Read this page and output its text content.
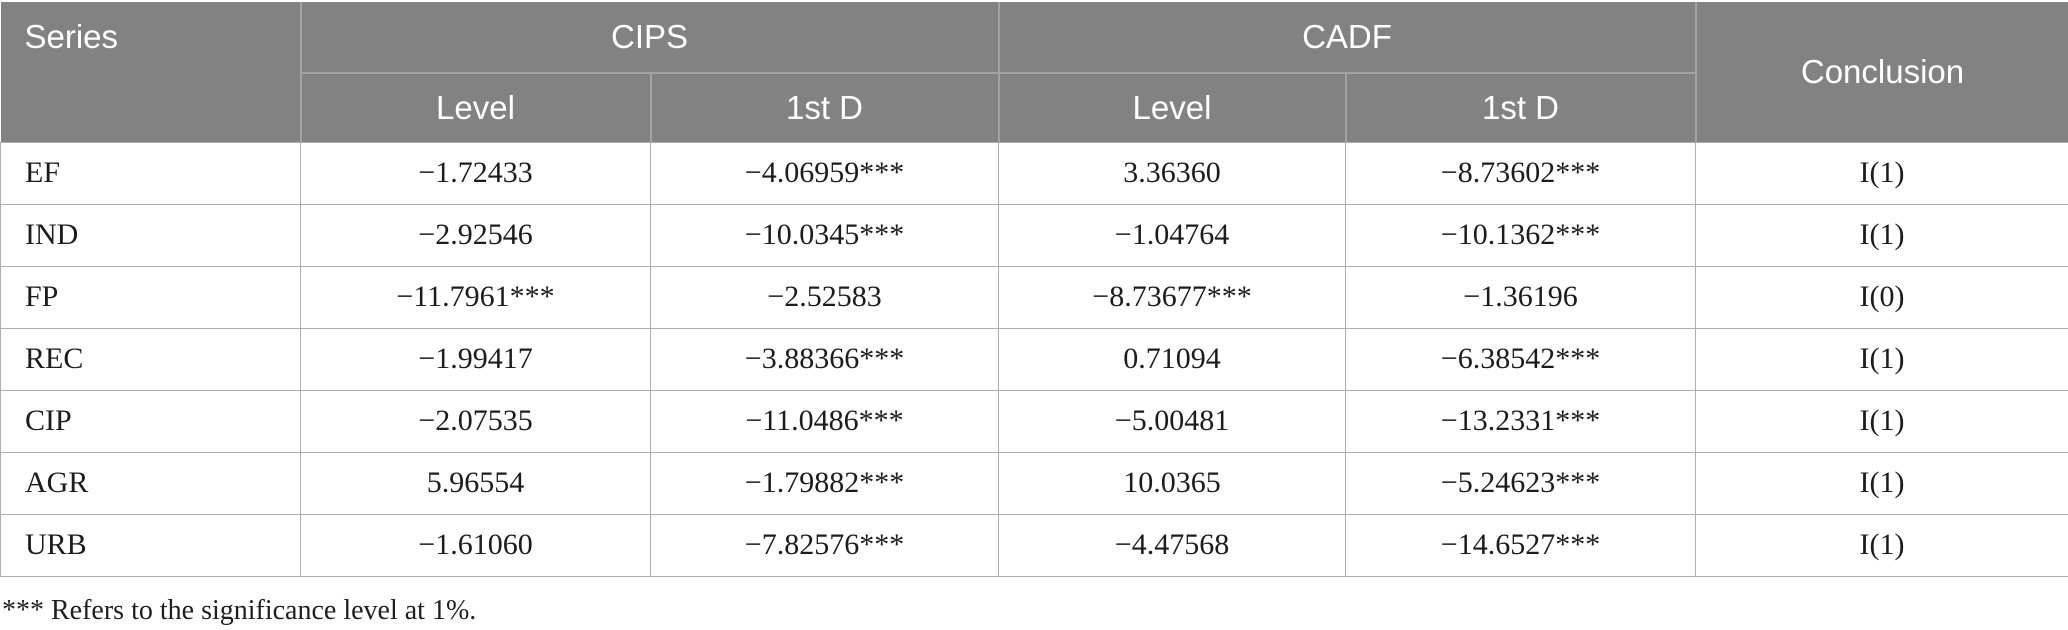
Series	CIPS		CADF		Conclusion
	Level	1st D	Level	1st D	
EF	−1.72433	−4.06959***	3.36360	−8.73602***	I(1)
IND	−2.92546	−10.0345***	−1.04764	−10.1362***	I(1)
FP	−11.7961***	−2.52583	−8.73677***	−1.36196	I(0)
REC	−1.99417	−3.88366***	0.71094	−6.38542***	I(1)
CIP	−2.07535	−11.0486***	−5.00481	−13.2331***	I(1)
AGR	5.96554	−1.79882***	10.0365	−5.24623***	I(1)
URB	−1.61060	−7.82576***	−4.47568	−14.6527***	I(1)
*** Refers to the significance level at 1%.
